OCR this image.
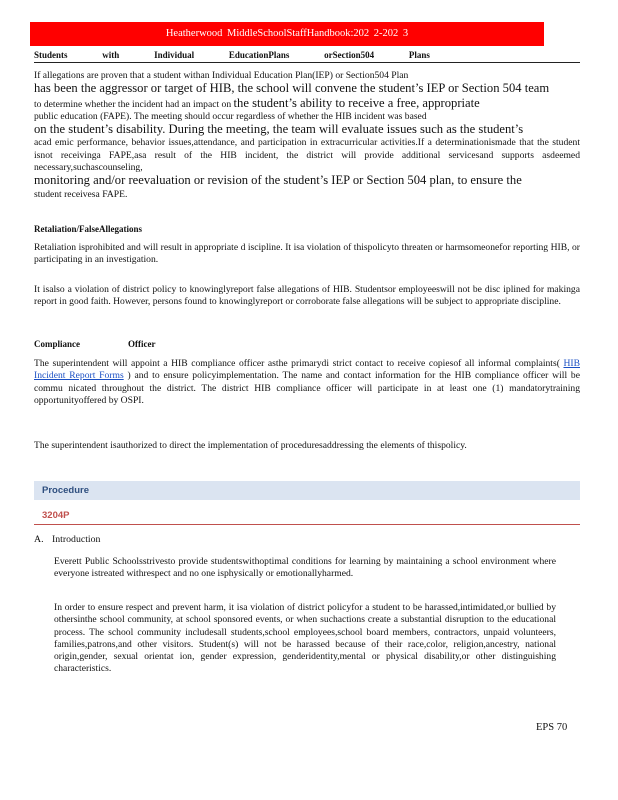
Heatherwood MiddleSchoolStaffHandbook:202 2-202 3
Students	with	Individual	EducationPlans	orSection504	Plans

If allegations are proven that a student withan Individual Education Plan(IEP) or Section504 Plan
has been the aggressor or target of HIB, the school will convene the student’s IEP or Section 504 team
to determine whether the incident had an impact on the student’s ability to receive a free, appropriate
public education (FAPE). The meeting should occur regardless of whether the HIB incident was based
on the student’s disability. During the meeting, the team will evaluate issues such as the student’s
acad emic performance, behavior issues,attendance, and participation in extracurricular activities.If a determinationismade that the student isnot receivinga FAPE,asa result of the HIB incident, the district will provide additional servicesand supports asdeemed necessary,suchascounseling,
monitoring and/or reevaluation or revision of the student’s IEP or Section 504 plan, to ensure the
student receivesa FAPE.

Retaliation/FalseAllegations

Retaliation isprohibited and will result in appropriate d iscipline. It isa violation of thispolicyto threaten or harmsomeonefor reporting HIB, or participating in an investigation.

It isalso a violation of district policy to knowinglyreport false allegations of HIB. Studentsor employeeswill not be disc iplined for makinga report in good faith. However, persons found to knowinglyreport or corroborate false allegations will be subject to appropriate discipline.

Compliance	Officer

The superintendent will appoint a HIB compliance officer asthe primarydi strict contact to receive copiesof all informal complaints( HIB Incident Report Forms ) and to ensure policyimplementation. The name and contact information for the HIB compliance officer will be commu nicated throughout the district. The district HIB compliance officer will participate in at least one (1) mandatorytraining opportunityoffered by OSPI.

The superintendent isauthorized to direct the implementation of proceduresaddressing the elements of thispolicy.

Procedure
3204P
A. Introduction

Everett Public Schoolsstrivesto provide studentswithoptimal conditions for learning by maintaining a school environment where everyone istreated withrespect and no one isphysically or emotionallyharmed.

In order to ensure respect and prevent harm, it isa violation of district policyfor a student to be harassed,intimidated,or bullied by othersinthe school community, at school sponsored events, or when suchactions create a substantial disruption to the educational process. The school community includesall students,school employees,school board members, contractors, unpaid volunteers, families,patrons,and other visitors. Student(s) will not be harassed because of their race,color, religion,ancestry, national origin,gender, sexual orientat ion, gender expression, genderidentity,mental or physical disability,or other distinguishing characteristics.

EPS 70
